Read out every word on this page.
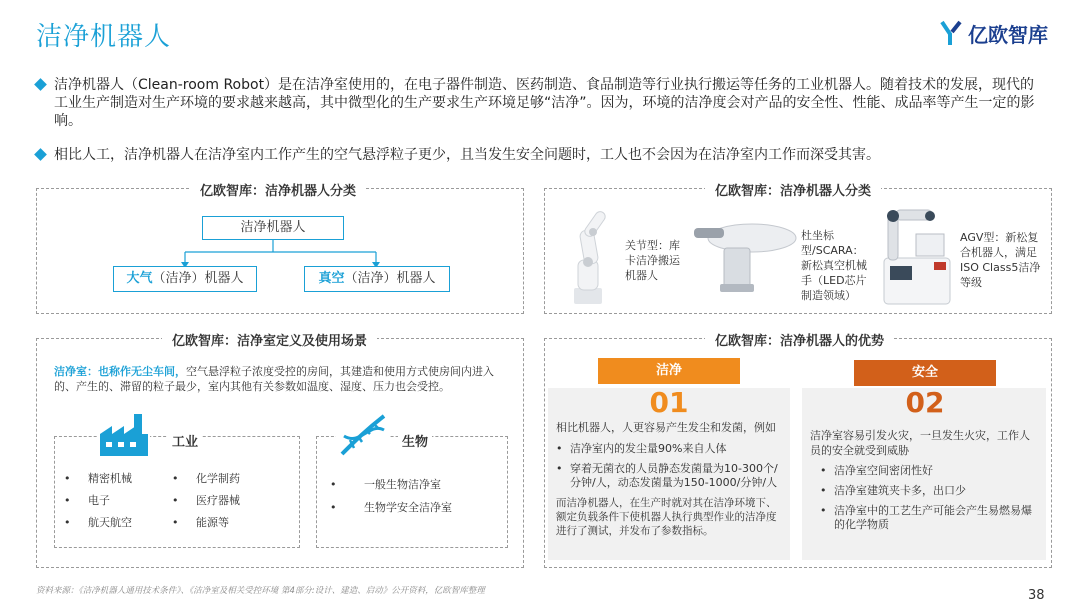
洁净机器人	亿欧智库
洁净机器人（Clean-room Robot）是在洁净室使用的，在电子器件制造、医药制造、食品制造等行业执行搬运等任务的工业机器人。随着技术的发展，现代的工业生产制造对生产环境的要求越来越高，其中微型化的生产要求生产环境足够“洁净”。因为，环境的洁净度会对产品的安全性、性能、成品率等产生一定的影响。
相比人工，洁净机器人在洁净室内工作产生的空气悬浮粒子更少，且当发生安全问题时，工人也不会因为在洁净室内工作而深受其害。
亿欧智库：洁净机器人分类
洁净机器人
大气（洁净）机器人	真空（洁净）机器人
亿欧智库：洁净机器人分类
关节型：库卡洁净搬运机器人
杜坐标型/SCARA：新松真空机械手（LED芯片制造领域）
AGV型：新松复合机器人，满足ISO Class5洁净等级
亿欧智库：洁净室定义及使用场景
洁净室：也称作无尘车间，空气悬浮粒子浓度受控的房间，其建造和使用方式使房间内进入的、产生的、滞留的粒子最少，室内其他有关参数如温度、湿度、压力也会受控。
工业
• 精密机械
• 电子
• 航天航空
• 化学制药
• 医疗器械
• 能源等
生物
• 一般生物洁净室
• 生物学安全洁净室
亿欧智库：洁净机器人的优势
洁净
01
相比机器人，人更容易产生发尘和发菌，例如
• 洁净室内的发尘量90%来自人体
• 穿着无菌衣的人员静态发菌量为10-300个/分钟/人，动态发菌量为150-1000/分钟/人
而洁净机器人，在生产时就对其在洁净环境下、额定负载条件下使机器人执行典型作业的洁净度进行了测试，并发布了参数指标。
安全
02
洁净室容易引发火灾，一旦发生火灾，工作人员的安全就受到威胁
• 洁净室空间密闭性好
• 洁净室建筑夹卡多，出口少
• 洁净室中的工艺生产可能会产生易燃易爆的化学物质
资料来源：《洁净机器人通用技术条件》、《洁净室及相关受控环境 第4部分:设计、建造、启动》公开资料，亿欧智库整理	38
